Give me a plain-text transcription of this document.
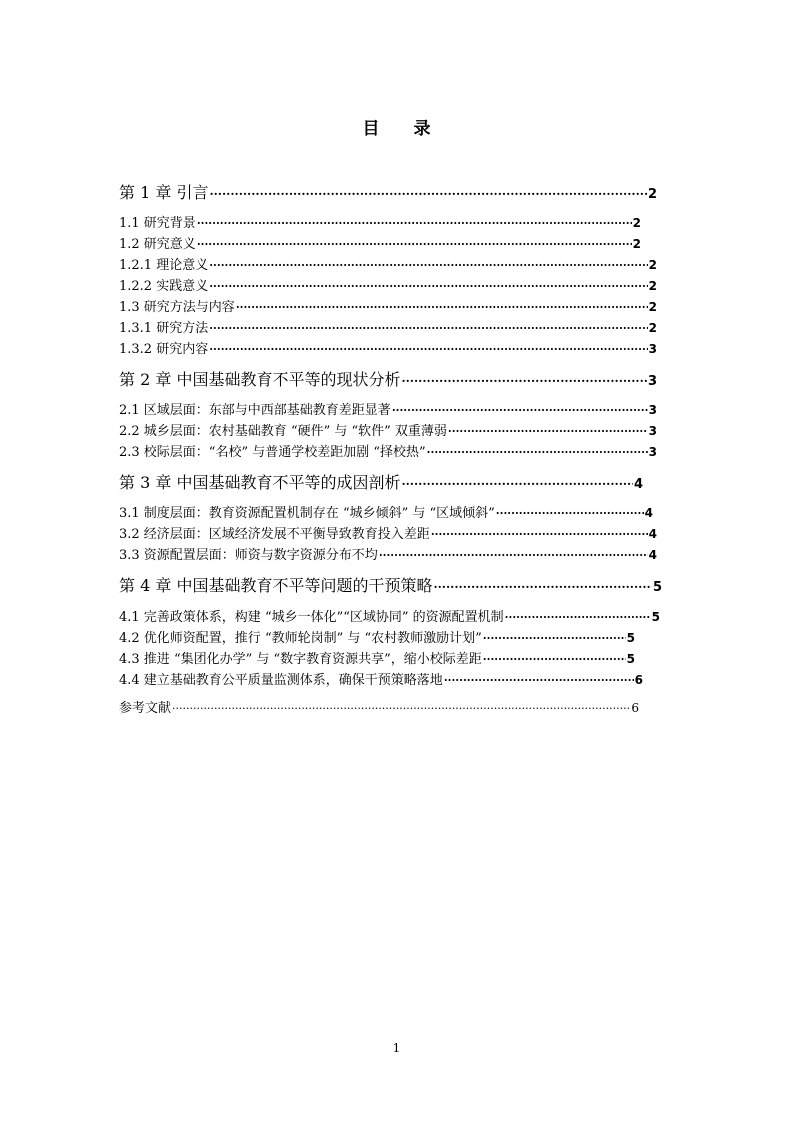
目 录
第 1 章 引言 ·····	2
1.1 研究背景 ·····	2
1.2 研究意义 ·····	2
1.2.1 理论意义 ·····	2
1.2.2 实践意义 ·····	2
1.3 研究方法与内容 ·····	2
1.3.1 研究方法 ·····	2
1.3.2 研究内容 ·····	3
第 2 章 中国基础教育不平等的现状分析 ·····	3
2.1 区域层面：东部与中西部基础教育差距显著 ·····	3
2.2 城乡层面：农村基础教育 “硬件” 与 “软件” 双重薄弱 ·····	3
2.3 校际层面：“名校” 与普通学校差距加剧 “择校热” ·····	3
第 3 章 中国基础教育不平等的成因剖析 ·····	4
3.1 制度层面：教育资源配置机制存在 “城乡倾斜” 与 “区域倾斜” ·····	4
3.2 经济层面：区域经济发展不平衡导致教育投入差距 ·····	4
3.3 资源配置层面：师资与数字资源分布不均 ·····	4
第 4 章 中国基础教育不平等问题的干预策略 ·····	5
4.1 完善政策体系，构建 “城乡一体化”“区域协同” 的资源配置机制 ·····	5
4.2 优化师资配置，推行 “教师轮岗制” 与 “农村教师激励计划” ·····	5
4.3 推进 “集团化办学” 与 “数字教育资源共享”，缩小校际差距 ·····	5
4.4 建立基础教育公平质量监测体系，确保干预策略落地 ·····	6
参考文献 ·····	6
1
